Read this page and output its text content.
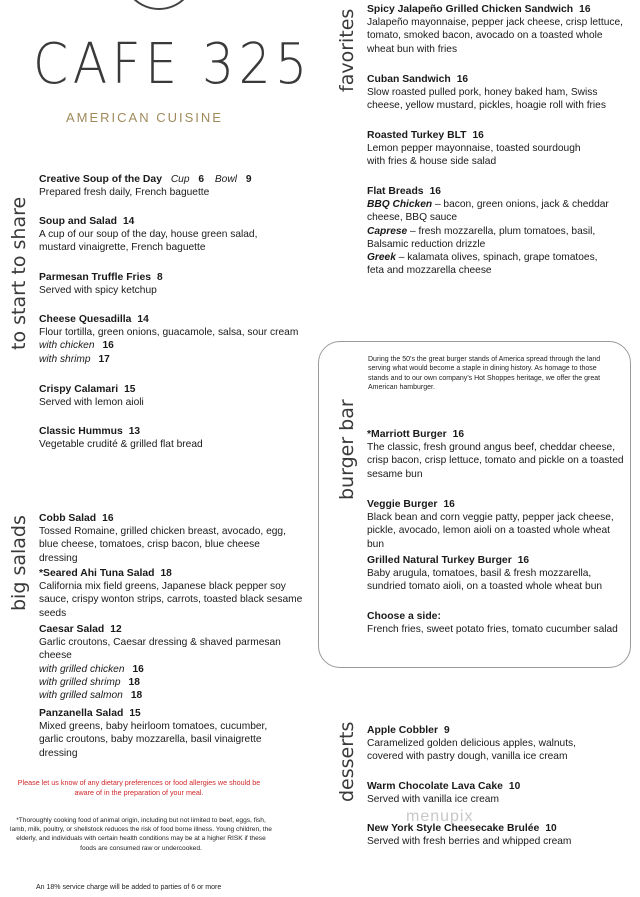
CAFE 325
AMERICAN CUISINE
to start to share
big salads
favorites
burger bar
desserts
Creative Soup of the Day Cup 6 Bowl 9
Prepared fresh daily, French baguette
Soup and Salad 14
A cup of our soup of the day, house green salad, mustard vinaigrette, French baguette
Parmesan Truffle Fries 8
Served with spicy ketchup
Cheese Quesadilla 14
Flour tortilla, green onions, guacamole, salsa, sour cream
with chicken 16
with shrimp 17
Crispy Calamari 15
Served with lemon aioli
Classic Hummus 13
Vegetable crudité & grilled flat bread
Cobb Salad 16
Tossed Romaine, grilled chicken breast, avocado, egg, blue cheese, tomatoes, crisp bacon, blue cheese dressing
*Seared Ahi Tuna Salad 18
California mix field greens, Japanese black pepper soy sauce, crispy wonton strips, carrots, toasted black sesame seeds
Caesar Salad 12
Garlic croutons, Caesar dressing & shaved parmesan cheese
with grilled chicken 16
with grilled shrimp 18
with grilled salmon 18
Panzanella Salad 15
Mixed greens, baby heirloom tomatoes, cucumber, garlic croutons, baby mozzarella, basil vinaigrette dressing
Spicy Jalapeño Grilled Chicken Sandwich 16
Jalapeño mayonnaise, pepper jack cheese, crisp lettuce, tomato, smoked bacon, avocado on a toasted whole wheat bun with fries
Cuban Sandwich 16
Slow roasted pulled pork, honey baked ham, Swiss cheese, yellow mustard, pickles, hoagie roll with fries
Roasted Turkey BLT 16
Lemon pepper mayonnaise, toasted sourdough with fries & house side salad
Flat Breads 16
BBQ Chicken – bacon, green onions, jack & cheddar cheese, BBQ sauce
Caprese – fresh mozzarella, plum tomatoes, basil, Balsamic reduction drizzle
Greek – kalamata olives, spinach, grape tomatoes, feta and mozzarella cheese
During the 50’s the great burger stands of America spread through the land serving what would become a staple in dining history. As homage to those stands and to our own company’s Hot Shoppes heritage, we offer the great American hamburger.
*Marriott Burger 16
The classic, fresh ground angus beef, cheddar cheese, crisp bacon, crisp lettuce, tomato and pickle on a toasted sesame bun
Veggie Burger 16
Black bean and corn veggie patty, pepper jack cheese, pickle, avocado, lemon aioli on a toasted whole wheat bun
Grilled Natural Turkey Burger 16
Baby arugula, tomatoes, basil & fresh mozzarella, sundried tomato aioli, on a toasted whole wheat bun
Choose a side:
French fries, sweet potato fries, tomato cucumber salad
Apple Cobbler 9
Caramelized golden delicious apples, walnuts, covered with pastry dough, vanilla ice cream
Warm Chocolate Lava Cake 10
Served with vanilla ice cream
New York Style Cheesecake Brulée 10
Served with fresh berries and whipped cream
Please let us know of any dietary preferences or food allergies we should be aware of in the preparation of your meal.
*Thoroughly cooking food of animal origin, including but not limited to beef, eggs, fish, lamb, milk, poultry, or shellstock reduces the risk of food borne illness. Young children, the elderly, and individuals with certain health conditions may be at a higher RISK if these foods are consumed raw or undercooked.
An 18% service charge will be added to parties of 6 or more
menupix
